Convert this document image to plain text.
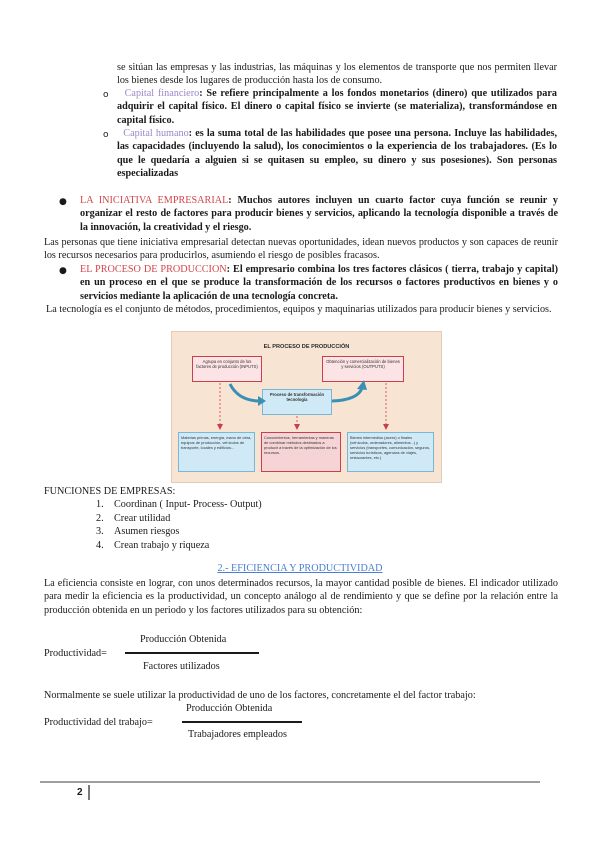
se sitúan las empresas y las industrias, las máquinas y los elementos de transporte que nos permiten llevar los bienes desde los lugares de producción hasta los de consumo.
o	Capital financiero: Se refiere principalmente a los fondos monetarios (dinero) que utilizados para adquirir el capital físico. El dinero o capital físico se invierte (se materializa), transformándose en capital físico.
o	Capital humano: es la suma total de las habilidades que posee una persona. Incluye las habilidades, las capacidades (incluyendo la salud), los conocimientos o la experiencia de los trabajadores. (Es lo que le quedaría a alguien si se quitasen su empleo, su dinero y sus posesiones). Son personas especializadas
● LA INICIATIVA EMPRESARIAL: Muchos autores incluyen un cuarto factor cuya función se reunir y organizar el resto de factores para producir bienes y servicios, aplicando la tecnología disponible a través de la innovación, la creatividad y el riesgo.
Las personas que tiene iniciativa empresarial detectan nuevas oportunidades, idean nuevos productos y son capaces de reunir los recursos necesarios para producirlos, asumiendo el riesgo de posibles fracasos.
● EL PROCESO DE PRODUCCION: El empresario combina los tres factores clásicos ( tierra, trabajo y capital) en un proceso en el que se produce la transformación de los recursos o factores productivos en bienes y o servicios mediante la aplicación de una tecnología concreta.
La tecnología es el conjunto de métodos, procedimientos, equipos y maquinarias utilizados para producir bienes y servicios.
EL PROCESO DE PRODUCCIÓN
Agrupa en conjunto de los factores de producción (INPUTS)
Proceso de transformación tecnología
Obtención y comercialización de bienes y servicios (OUTPUTS)
Materias primas, energía, mano de obra, equipos de producción, vehículos de transporte, locales y edificios...
Conocimientos, herramientas y maneras de combinar métodos destinados a producir a través de la optimización de los recursos.
Bienes intermedios (acero) o finales (vehículos, ordenadores, alimentos...) y servicios (transportes, comunicación, seguros, servicios turísticos, agencias de viajes, restaurantes, etc.)
FUNCIONES DE EMPRESAS:
1. Coordinan ( Input- Process- Output)
2. Crear utilidad
3. Asumen riesgos
4. Crean trabajo y riqueza
2.- EFICIENCIA Y PRODUCTIVIDAD
La eficiencia consiste en lograr, con unos determinados recursos, la mayor cantidad posible de bienes. El indicador utilizado para medir la eficiencia es la productividad, un concepto análogo al de rendimiento y que se define por la relación entre la producción obtenida en un periodo y los factores utilizados para su obtención:
Producción Obtenida
Productividad=
Factores utilizados
Normalmente se suele utilizar la productividad de uno de los factores, concretamente el del factor trabajo:
Producción Obtenida
Productividad del trabajo=
Trabajadores empleados
2
